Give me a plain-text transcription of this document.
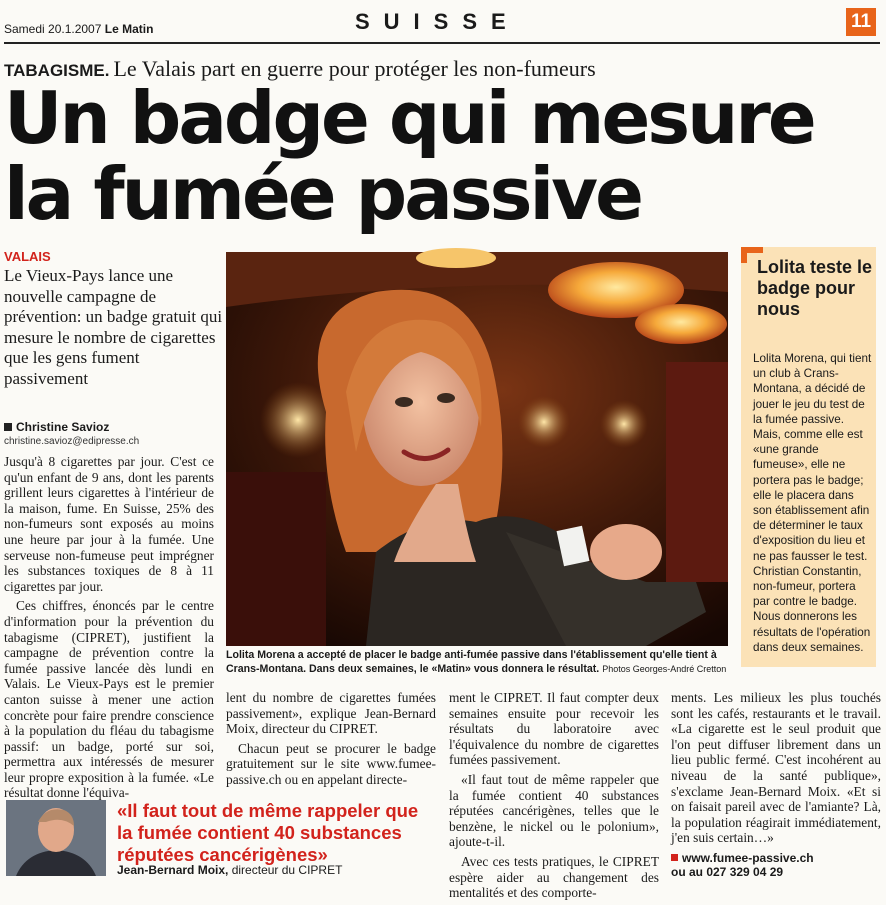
Samedi 20.1.2007 Le Matin	SUISSE	11
TABAGISME. Le Valais part en guerre pour protéger les non-fumeurs
Un badge qui mesure
la fumée passive
VALAIS
Le Vieux-Pays lance une nouvelle campagne de prévention: un badge gratuit qui mesure le nombre de cigarettes que les gens fument passivement
Christine Savioz
christine.savioz@edipresse.ch

Jusqu'à 8 cigarettes par jour. C'est ce qu'un enfant de 9 ans, dont les parents grillent leurs cigarettes à l'intérieur de la maison, fume. En Suisse, 25% des non-fumeurs sont exposés au moins une heure par jour à la fumée. Une serveuse non-fumeuse peut imprégner les substances toxiques de 8 à 11 cigarettes par jour.

Ces chiffres, énoncés par le centre d'information pour la prévention du tabagisme (CIPRET), justifient la campagne de prévention contre la fumée passive lancée dès lundi en Valais. Le Vieux-Pays est le premier canton suisse à mener une action concrète pour faire prendre conscience à la population du fléau du tabagisme passif: un badge, porté sur soi, permettra aux intéressés de mesurer leur propre exposition à la fumée. «Le résultat donne l'équiva-

lent du nombre de cigarettes fumées passivement», explique Jean-Bernard Moix, directeur du CIPRET.

Chacun peut se procurer le badge gratuitement sur le site www.fumee-passive.ch ou en appelant directe-

ment le CIPRET. Il faut compter deux semaines ensuite pour recevoir les résultats du laboratoire avec l'équivalence du nombre de cigarettes fumées passivement.

«Il faut tout de même rappeler que la fumée contient 40 substances réputées cancérigènes, telles que le benzène, le nickel ou le polonium», ajoute-t-il.

Avec ces tests pratiques, le CIPRET espère aider au changement des mentalités et des comporte-

ments. Les milieux les plus touchés sont les cafés, restaurants et le travail. «La cigarette est le seul produit que l'on peut diffuser librement dans un lieu public fermé. C'est incohérent au niveau de la santé publique», s'exclame Jean-Bernard Moix. «Et si on faisait pareil avec de l'amiante? Là, la population réagirait immédiatement, j'en suis certain…»

Lolita Morena a accepté de placer le badge anti-fumée passive dans l'établissement qu'elle tient à Crans-Montana. Dans deux semaines, le «Matin» vous donnera le résultat. Photos Georges-André Cretton
Lolita teste le badge pour nous
Lolita Morena, qui tient un club à Crans-Montana, a décidé de jouer le jeu du test de la fumée passive. Mais, comme elle est «une grande fumeuse», elle ne portera pas le badge; elle le placera dans son établissement afin de déterminer le taux d'exposition du lieu et ne pas fausser le test. Christian Constantin, non-fumeur, portera par contre le badge. Nous donnerons les résultats de l'opération dans deux semaines.
«Il faut tout de même rappeler que la fumée contient 40 substances réputées cancérigènes»
Jean-Bernard Moix, directeur du CIPRET
www.fumee-passive.ch
ou au 027 329 04 29
